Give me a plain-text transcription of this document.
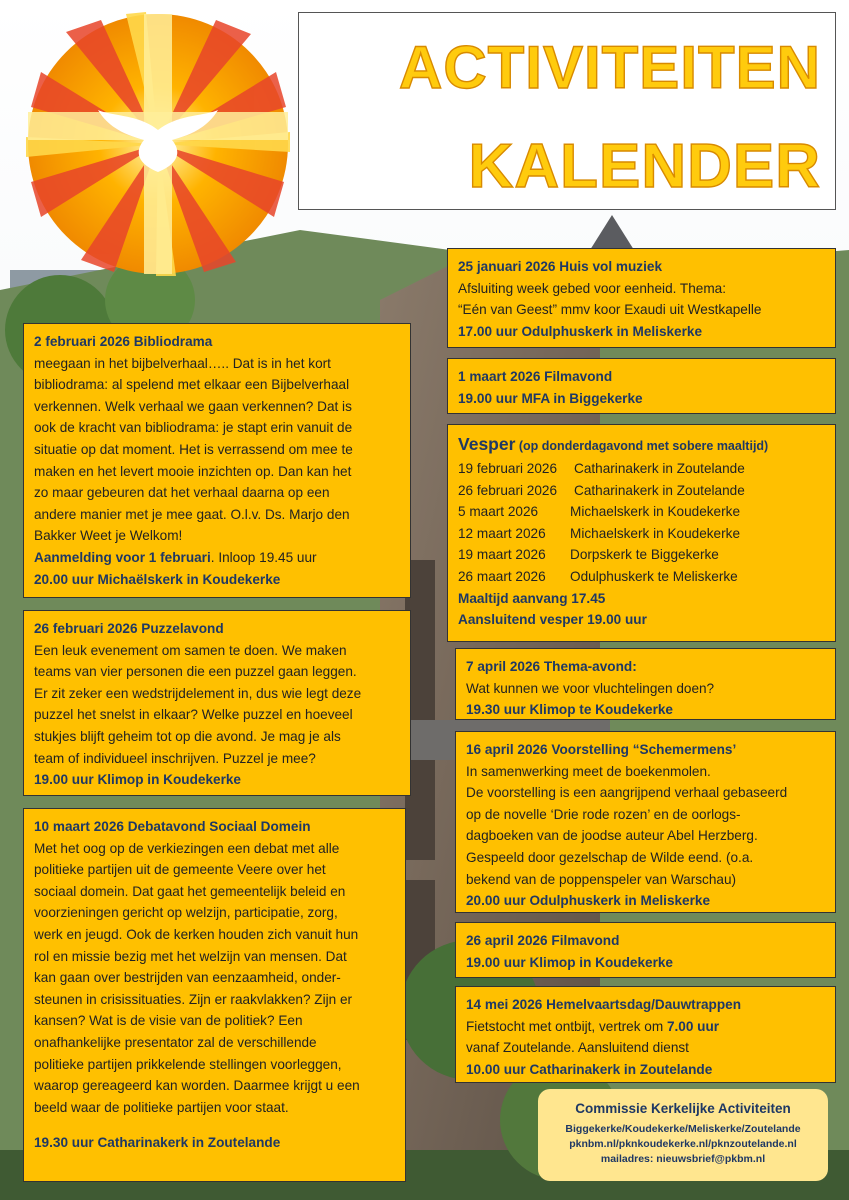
ACTIVITEITEN
KALENDER
25 januari 2026 Huis vol muziek
Afsluiting week gebed voor eenheid. Thema:
“Eén van Geest” mmv koor Exaudi uit Westkapelle
17.00 uur Odulphuskerk in Meliskerke
2 februari 2026 Bibliodrama
meegaan in het bijbelverhaal….. Dat is in het kort
bibliodrama: al spelend met elkaar een Bijbelverhaal
verkennen. Welk verhaal we gaan verkennen? Dat is
ook de kracht van bibliodrama: je stapt erin vanuit de
situatie op dat moment. Het is verrassend om mee te
maken en het levert mooie inzichten op. Dan kan het
zo maar gebeuren dat het verhaal daarna op een
andere manier met je mee gaat. O.l.v. Ds. Marjo den
Bakker Weet je Welkom!
Aanmelding voor 1 februari. Inloop 19.45 uur
20.00 uur Michaëlskerk in Koudekerke
1 maart 2026 Filmavond
19.00 uur MFA in Biggekerke
Vesper (op donderdagavond met sobere maaltijd)
19 februari 2026	Catharinakerk in Zoutelande
26 februari 2026	Catharinakerk in Zoutelande
5 maart 2026	Michaelskerk in Koudekerke
12 maart 2026	Michaelskerk in Koudekerke
19 maart 2026	Dorpskerk te Biggekerke
26 maart 2026	Odulphuskerk te Meliskerke
Maaltijd aanvang 17.45
Aansluitend vesper 19.00 uur
26 februari 2026 Puzzelavond
Een leuk evenement om samen te doen. We maken
teams van vier personen die een puzzel gaan leggen.
Er zit zeker een wedstrijdelement in, dus wie legt deze
puzzel het snelst in elkaar? Welke puzzel en hoeveel
stukjes blijft geheim tot op die avond. Je mag je als
team of individueel inschrijven. Puzzel je mee?
19.00 uur Klimop in Koudekerke
7 april 2026 Thema-avond:
Wat kunnen we voor vluchtelingen doen?
19.30 uur Klimop te Koudekerke
16 april 2026 Voorstelling “Schemermens’
In samenwerking meet de boekenmolen.
De voorstelling is een aangrijpend verhaal gebaseerd
op de novelle ‘Drie rode rozen’ en de oorlogs-
dagboeken van de joodse auteur Abel Herzberg.
Gespeeld door gezelschap de Wilde eend. (o.a.
bekend van de poppenspeler van Warschau)
20.00 uur Odulphuskerk in Meliskerke
10 maart 2026 Debatavond Sociaal Domein
Met het oog op de verkiezingen een debat met alle
politieke partijen uit de gemeente Veere over het
sociaal domein. Dat gaat het gemeentelijk beleid en
voorzieningen gericht op welzijn, participatie, zorg,
werk en jeugd. Ook de kerken houden zich vanuit hun
rol en missie bezig met het welzijn van mensen. Dat
kan gaan over bestrijden van eenzaamheid, onder-
steunen in crisissituaties. Zijn er raakvlakken? Zijn er
kansen? Wat is de visie van de politiek? Een
onafhankelijke presentator zal de verschillende
politieke partijen prikkelende stellingen voorleggen,
waarop gereageerd kan worden. Daarmee krijgt u een
beeld waar de politieke partijen voor staat.
19.30 uur Catharinakerk in Zoutelande
26 april 2026 Filmavond
19.00 uur Klimop in Koudekerke
14 mei 2026 Hemelvaartsdag/Dauwtrappen
Fietstocht met ontbijt, vertrek om 7.00 uur
vanaf Zoutelande. Aansluitend dienst
10.00 uur Catharinakerk in Zoutelande
Commissie Kerkelijke Activiteiten
Biggekerke/Koudekerke/Meliskerke/Zoutelande
pknbm.nl/pknkoudekerke.nl/pknzoutelande.nl
mailadres: nieuwsbrief@pkbm.nl
